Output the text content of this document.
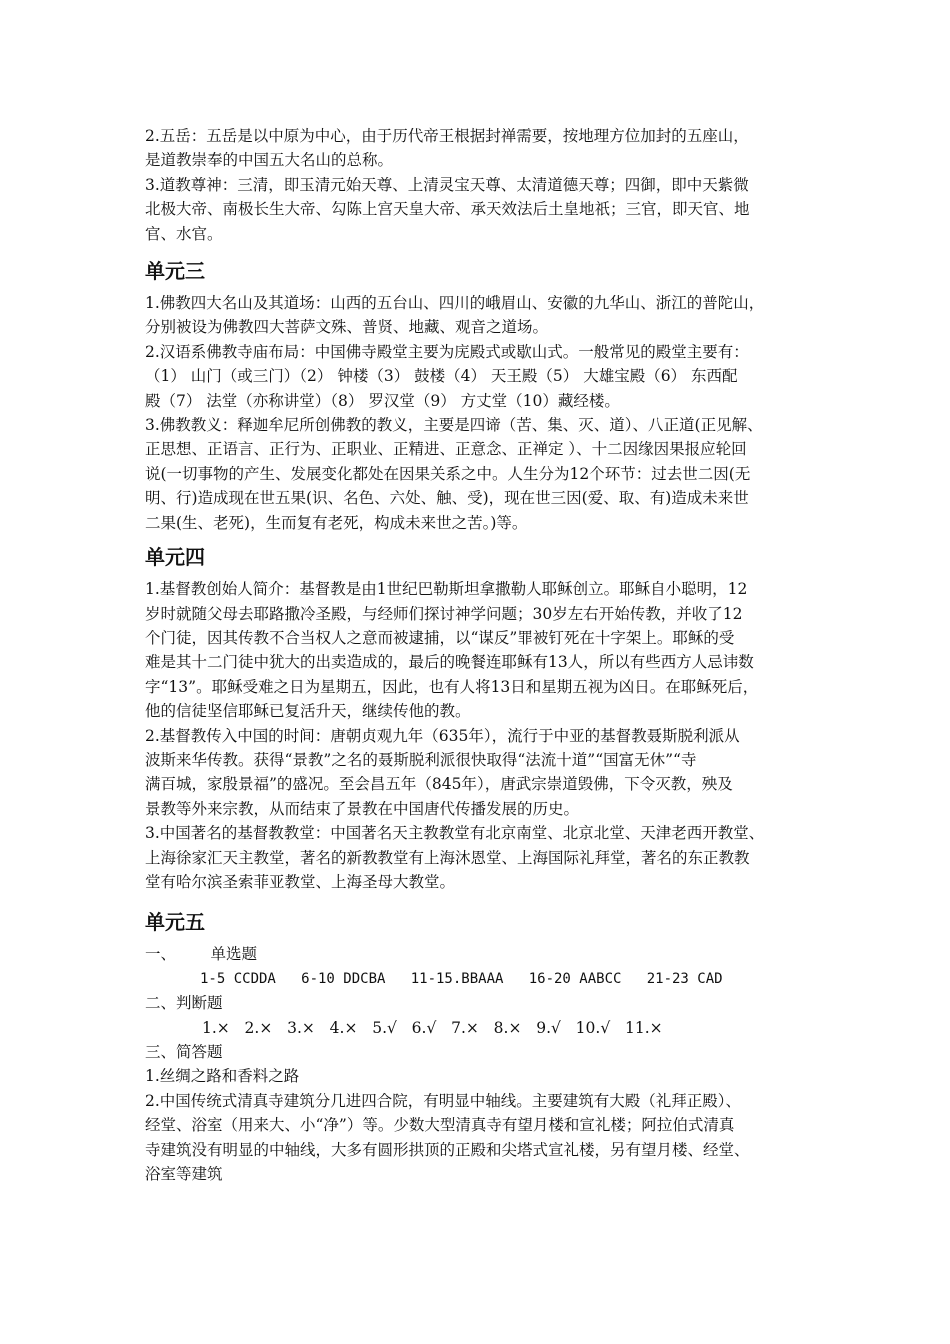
2.五岳：五岳是以中原为中心，由于历代帝王根据封禅需要，按地理方位加封的五座山，

是道教崇奉的中国五大名山的总称。

3.道教尊神：三清，即玉清元始天尊、上清灵宝天尊、太清道德天尊；四御，即中天紫微

北极大帝、南极长生大帝、勾陈上宫天皇大帝、承天效法后土皇地祇；三官，即天官、地

官、水官。

单元三

1.佛教四大名山及其道场：山西的五台山、四川的峨眉山、安徽的九华山、浙江的普陀山，

分别被设为佛教四大菩萨文殊、普贤、地藏、观音之道场。

2.汉语系佛教寺庙布局：中国佛寺殿堂主要为庑殿式或歇山式。一般常见的殿堂主要有：

（1） 山门（或三门）（2） 钟楼（3） 鼓楼（4） 天王殿（5） 大雄宝殿（6） 东西配

殿（7） 法堂（亦称讲堂）（8） 罗汉堂（9） 方丈堂（10）藏经楼。

3.佛教教义：释迦牟尼所创佛教的教义，主要是四谛（苦、集、灭、道）、八正道(正见解、

正思想、正语言、正行为、正职业、正精进、正意念、正禅定 ）、十二因缘因果报应轮回

说(一切事物的产生、发展变化都处在因果关系之中。人生分为12个环节：过去世二因(无

明、行)造成现在世五果(识、名色、六处、触、受)，现在世三因(爱、取、有)造成未来世

二果(生、老死)，生而复有老死，构成未来世之苦。)等。

单元四

1.基督教创始人简介：基督教是由1世纪巴勒斯坦拿撒勒人耶稣创立。耶稣自小聪明，12

岁时就随父母去耶路撒冷圣殿，与经师们探讨神学问题；30岁左右开始传教，并收了12

个门徒，因其传教不合当权人之意而被逮捕，以“谋反”罪被钉死在十字架上。耶稣的受

难是其十二门徒中犹大的出卖造成的，最后的晚餐连耶稣有13人，所以有些西方人忌讳数

字“13”。耶稣受难之日为星期五，因此，也有人将13日和星期五视为凶日。在耶稣死后，

他的信徒坚信耶稣已复活升天，继续传他的教。

2.基督教传入中国的时间：唐朝贞观九年（635年），流行于中亚的基督教聂斯脱利派从

波斯来华传教。获得“景教”之名的聂斯脱利派很快取得“法流十道”“国富无休”“寺

满百城，家殷景福”的盛况。至会昌五年（845年），唐武宗崇道毁佛，下令灭教，殃及

景教等外来宗教，从而结束了景教在中国唐代传播发展的历史。

3.中国著名的基督教教堂：中国著名天主教教堂有北京南堂、北京北堂、天津老西开教堂、

上海徐家汇天主教堂，著名的新教教堂有上海沐恩堂、上海国际礼拜堂，著名的东正教教

堂有哈尔滨圣索菲亚教堂、上海圣母大教堂。

单元五

一、       单选题

1-5 CCDDA   6-10 DDCBA   11-15.BBAAA   16-20 AABCC   21-23 CAD

二、判断题

1.×   2.×   3.×   4.×   5.√   6.√   7.×   8.×   9.√   10.√   11.×

三、简答题

1.丝绸之路和香料之路

2.中国传统式清真寺建筑分几进四合院，有明显中轴线。主要建筑有大殿（礼拜正殿）、

经堂、浴室（用来大、小“净”）等。少数大型清真寺有望月楼和宣礼楼；阿拉伯式清真

寺建筑没有明显的中轴线，大多有圆形拱顶的正殿和尖塔式宣礼楼，另有望月楼、经堂、

浴室等建筑
